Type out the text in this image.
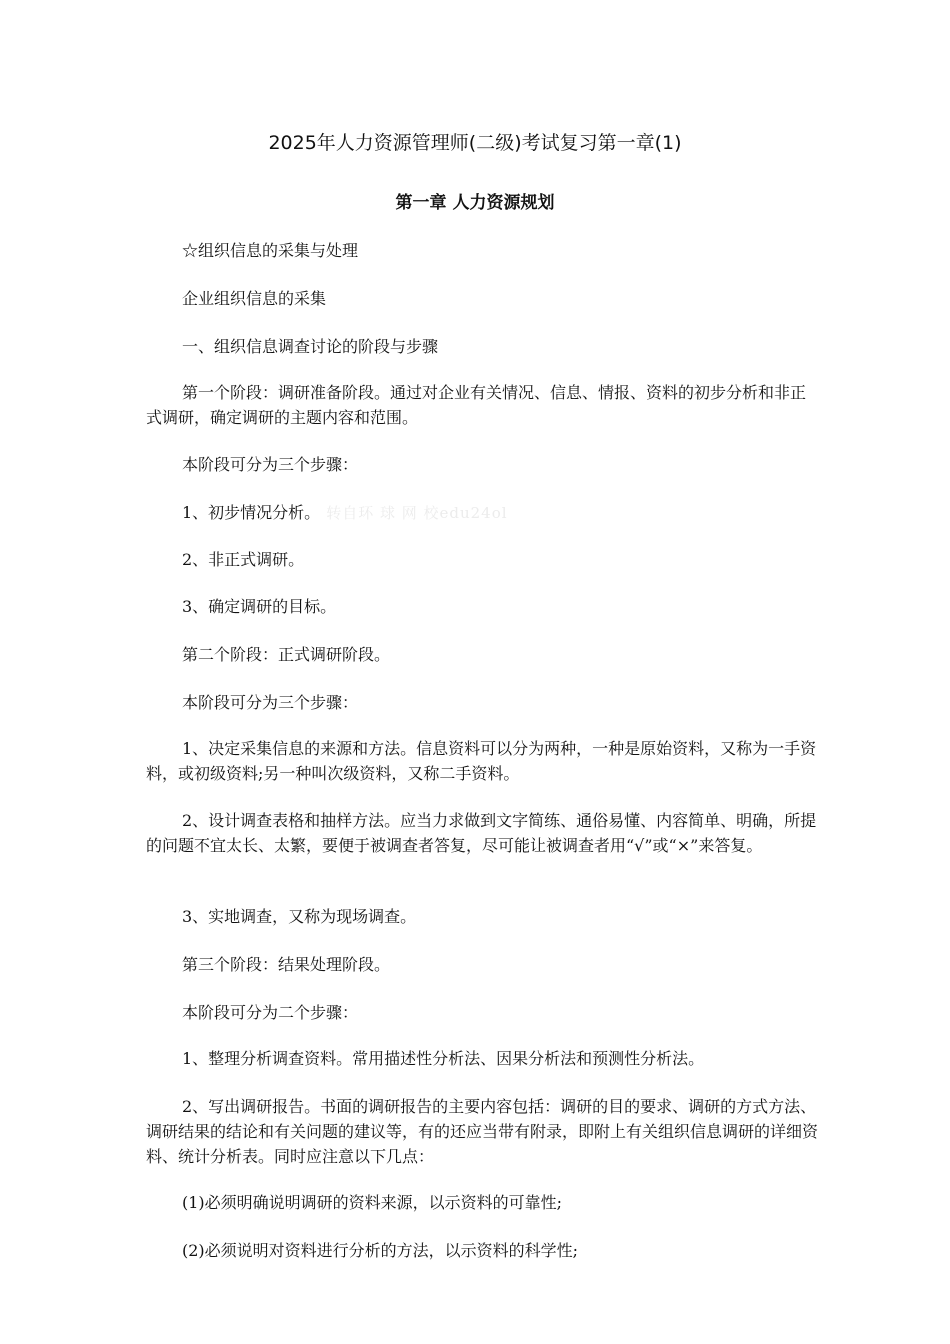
2025年人力资源管理师(二级)考试复习第一章(1)
第一章 人力资源规划

☆组织信息的采集与处理

企业组织信息的采集

一、组织信息调查讨论的阶段与步骤

第一个阶段：调研准备阶段。通过对企业有关情况、信息、情报、资料的初步分析和非正式调研，确定调研的主题内容和范围。

本阶段可分为三个步骤：

1、初步情况分析。 转自环 球 网 校edu24ol

2、非正式调研。

3、确定调研的目标。

第二个阶段：正式调研阶段。

本阶段可分为三个步骤：

1、决定采集信息的来源和方法。信息资料可以分为两种，一种是原始资料，又称为一手资料，或初级资料;另一种叫次级资料，又称二手资料。

2、设计调查表格和抽样方法。应当力求做到文字简练、通俗易懂、内容简单、明确，所提的问题不宜太长、太繁，要便于被调查者答复，尽可能让被调查者用“√”或“×”来答复。

3、实地调查，又称为现场调查。

第三个阶段：结果处理阶段。

本阶段可分为二个步骤：

1、整理分析调查资料。常用描述性分析法、因果分析法和预测性分析法。

2、写出调研报告。书面的调研报告的主要内容包括：调研的目的要求、调研的方式方法、调研结果的结论和有关问题的建议等，有的还应当带有附录，即附上有关组织信息调研的详细资料、统计分析表。同时应注意以下几点：

(1)必须明确说明调研的资料来源，以示资料的可靠性;

(2)必须说明对资料进行分析的方法，以示资料的科学性;
